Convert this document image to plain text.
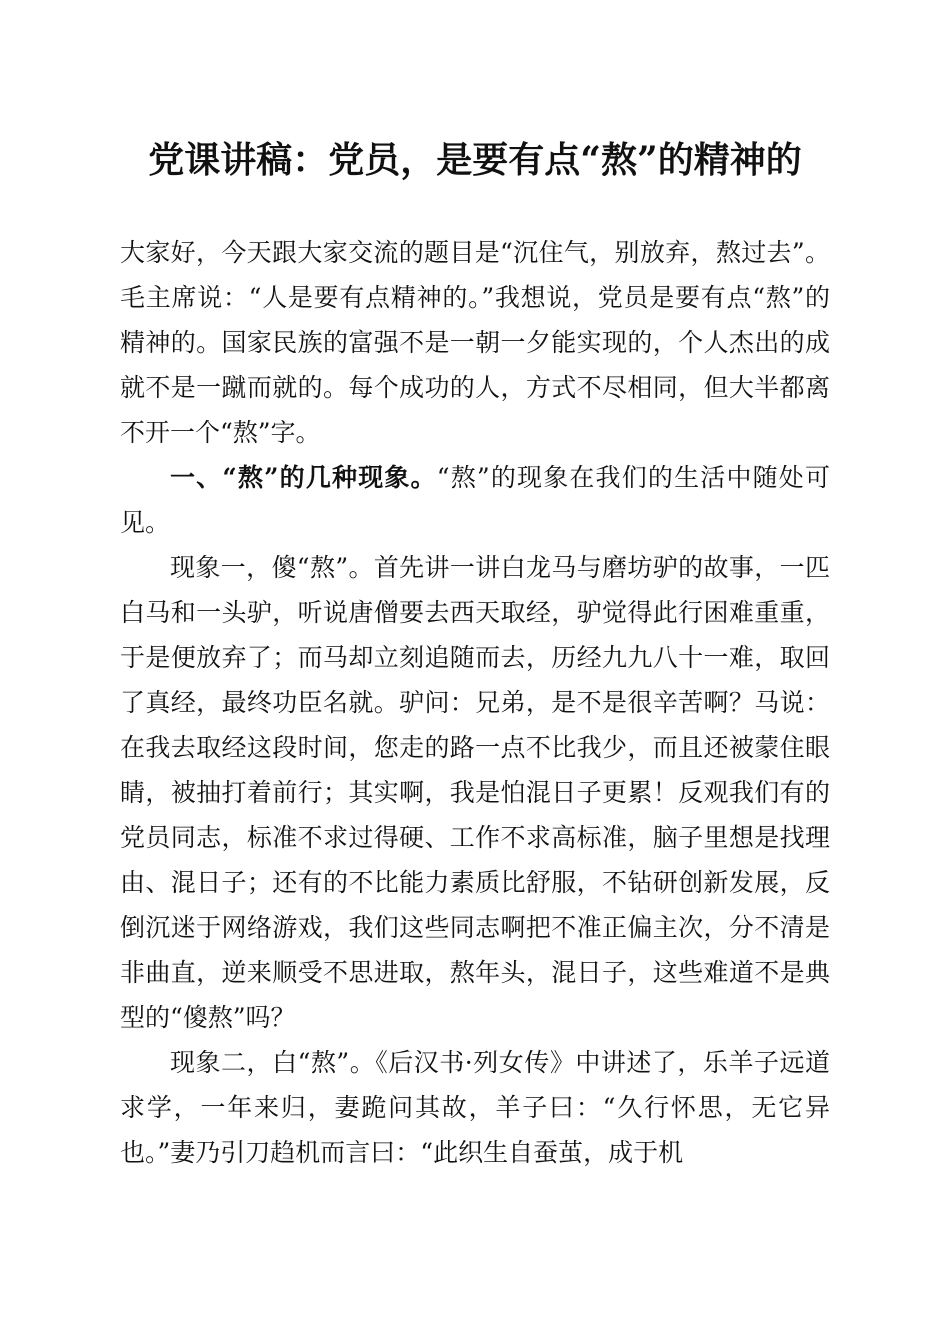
党课讲稿：党员，是要有点“熬”的精神的

大家好，今天跟大家交流的题目是“沉住气，别放弃，熬过去”。毛主席说：“人是要有点精神的。”我想说，党员是要有点“熬”的精神的。国家民族的富强不是一朝一夕能实现的，个人杰出的成就不是一蹴而就的。每个成功的人，方式不尽相同，但大半都离不开一个“熬”字。

一、“熬”的几种现象。“熬”的现象在我们的生活中随处可见。

现象一，傻“熬”。首先讲一讲白龙马与磨坊驴的故事，一匹白马和一头驴，听说唐僧要去西天取经，驴觉得此行困难重重，于是便放弃了；而马却立刻追随而去，历经九九八十一难，取回了真经，最终功臣名就。驴问：兄弟，是不是很辛苦啊？马说：在我去取经这段时间，您走的路一点不比我少，而且还被蒙住眼睛，被抽打着前行；其实啊，我是怕混日子更累！反观我们有的党员同志，标准不求过得硬、工作不求高标准，脑子里想是找理由、混日子；还有的不比能力素质比舒服，不钻研创新发展，反倒沉迷于网络游戏，我们这些同志啊把不准正偏主次，分不清是非曲直，逆来顺受不思进取，熬年头，混日子，这些难道不是典型的“傻熬”吗？

现象二，白“熬”。《后汉书·列女传》中讲述了，乐羊子远道求学，一年来归，妻跪问其故，羊子曰：“久行怀思，无它异也。”妻乃引刀趋机而言曰：“此织生自蚕茧，成于机
